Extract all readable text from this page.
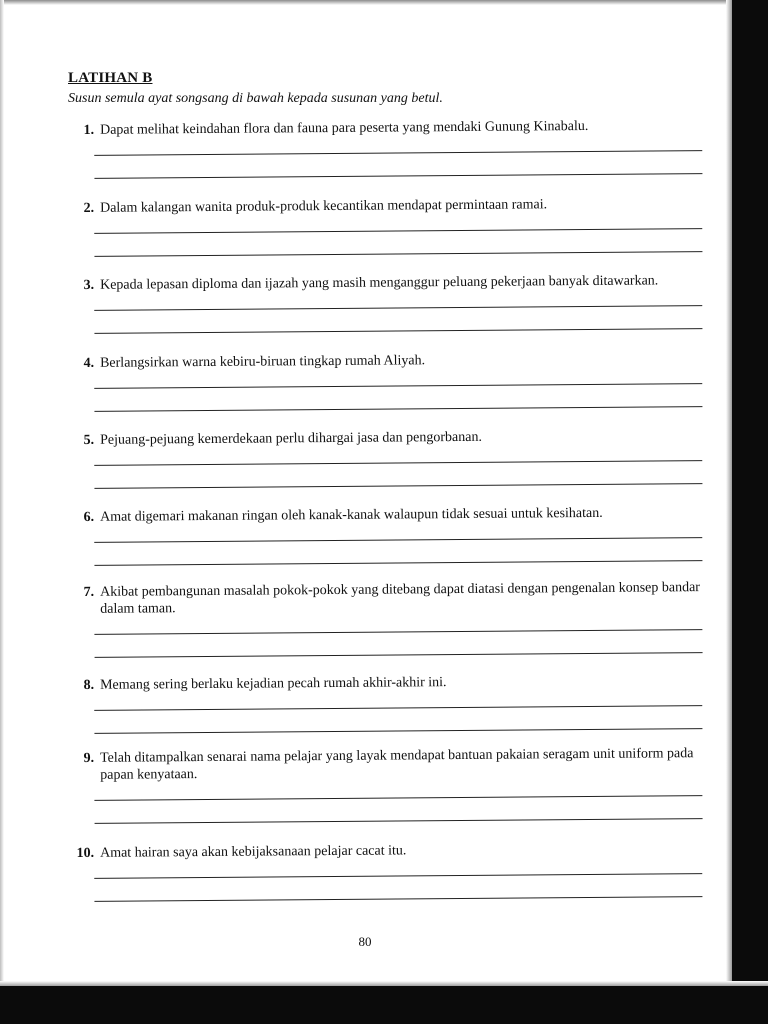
LATIHAN B
Susun semula ayat songsang di bawah kepada susunan yang betul.
1. Dapat melihat keindahan flora dan fauna para peserta yang mendaki Gunung Kinabalu.
2. Dalam kalangan wanita produk-produk kecantikan mendapat permintaan ramai.
3. Kepada lepasan diploma dan ijazah yang masih menganggur peluang pekerjaan banyak ditawarkan.
4. Berlangsirkan warna kebiru-biruan tingkap rumah Aliyah.
5. Pejuang-pejuang kemerdekaan perlu dihargai jasa dan pengorbanan.
6. Amat digemari makanan ringan oleh kanak-kanak walaupun tidak sesuai untuk kesihatan.
7. Akibat pembangunan masalah pokok-pokok yang ditebang dapat diatasi dengan pengenalan konsep bandar dalam taman.
8. Memang sering berlaku kejadian pecah rumah akhir-akhir ini.
9. Telah ditampalkan senarai nama pelajar yang layak mendapat bantuan pakaian seragam unit uniform pada papan kenyataan.
10. Amat hairan saya akan kebijaksanaan pelajar cacat itu.
80
